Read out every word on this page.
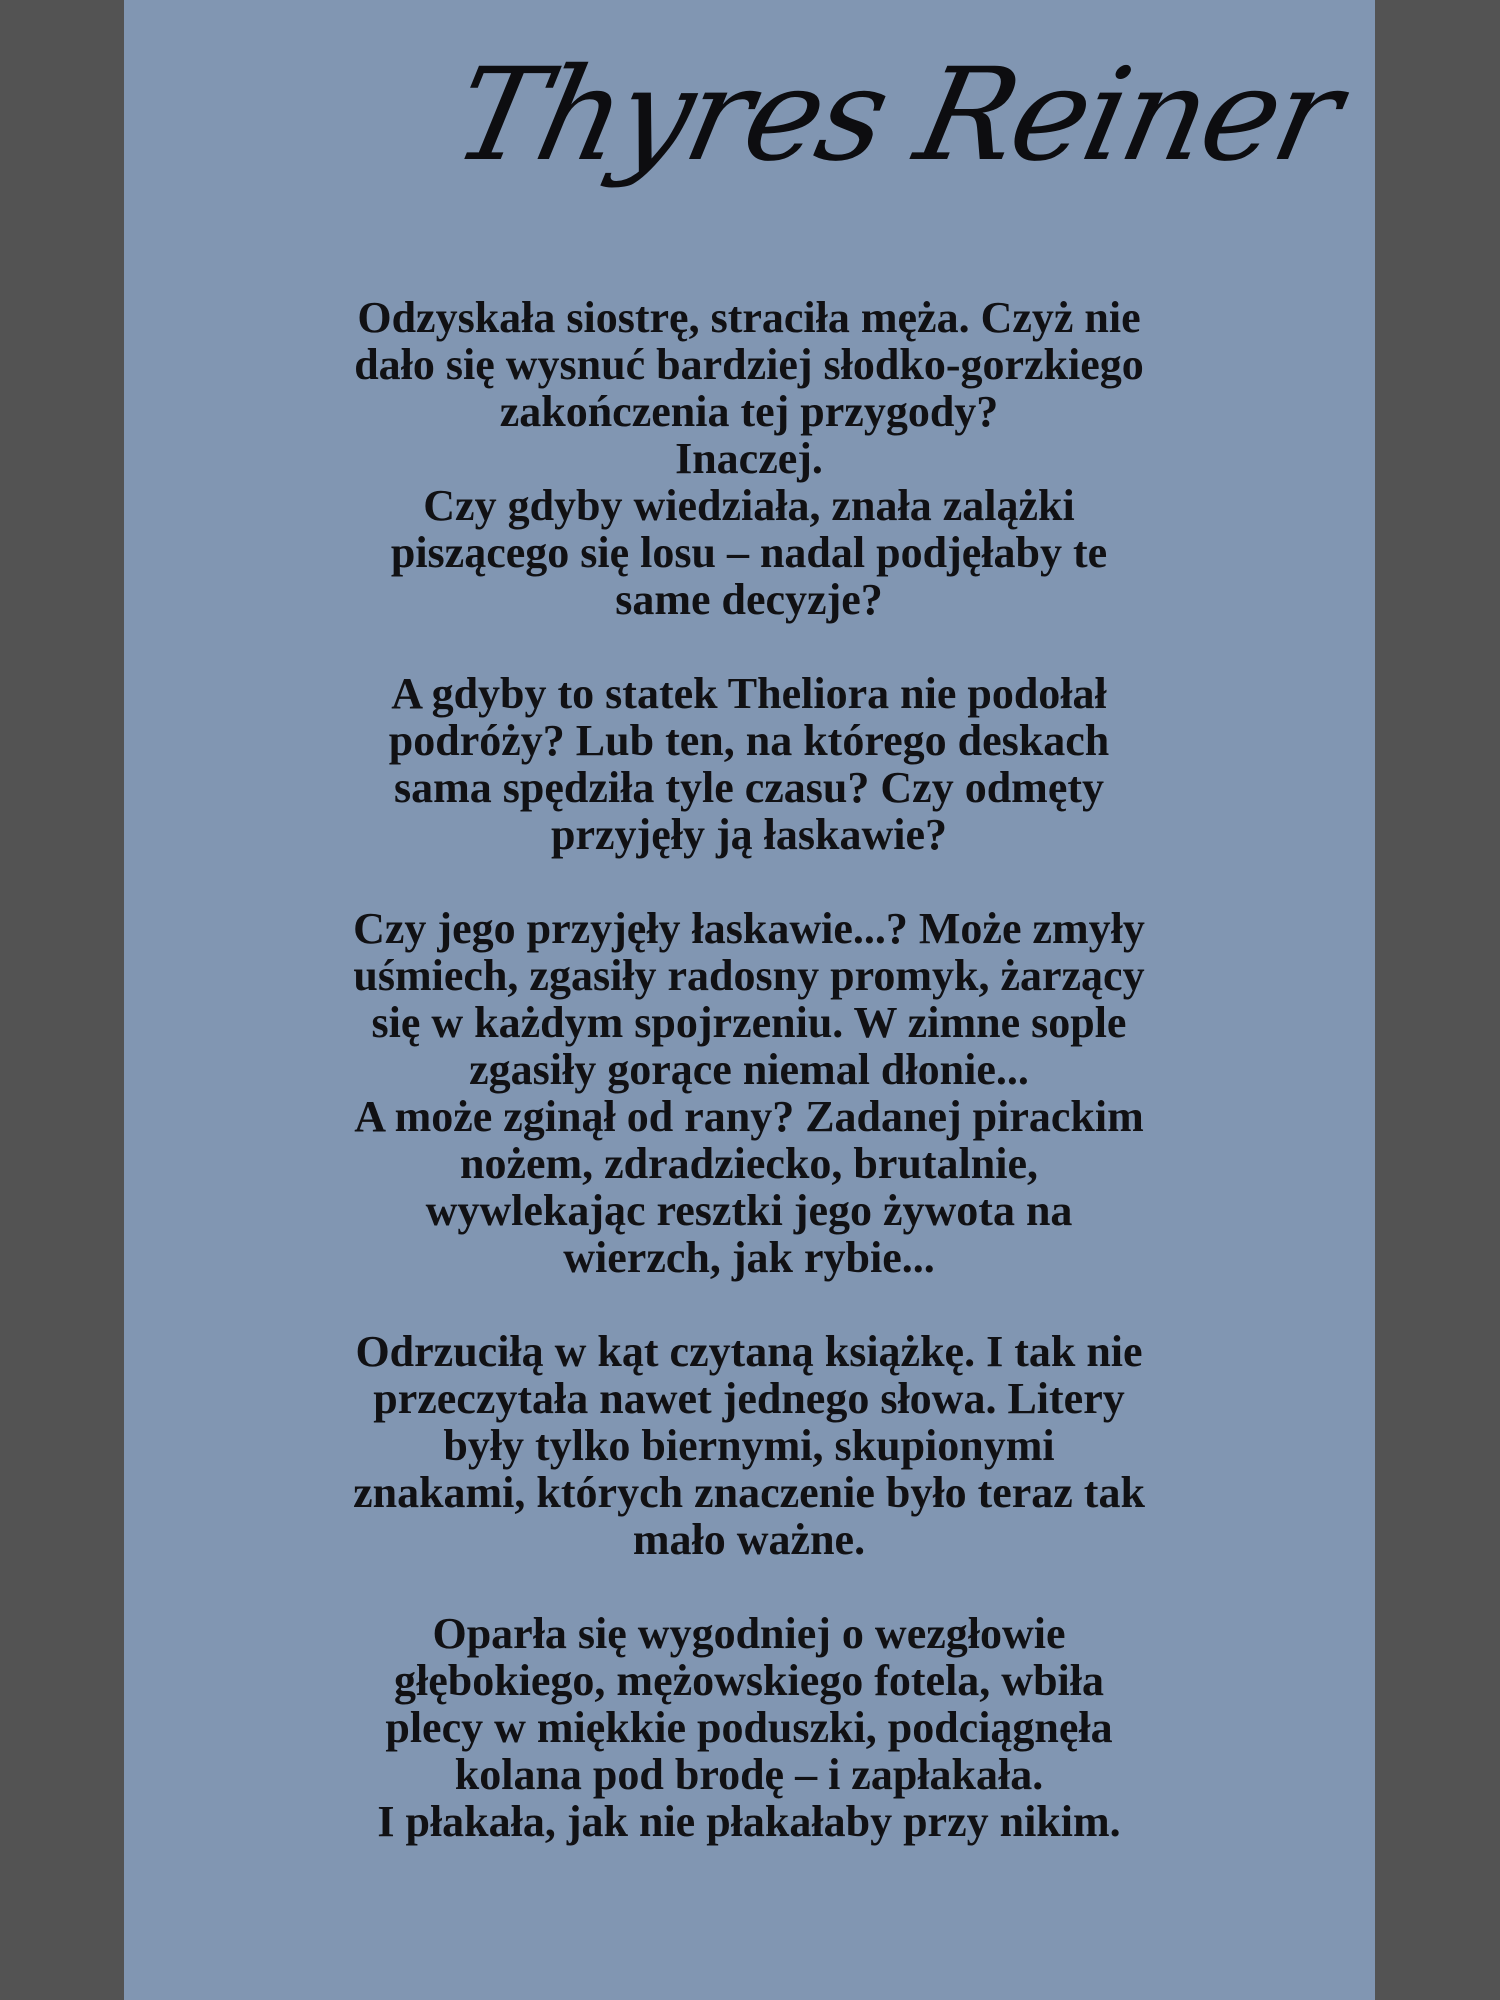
Thyres Reiner
Odzyskała siostrę, straciła męża. Czyż nie
dało się wysnuć bardziej słodko-gorzkiego
zakończenia tej przygody?
Inaczej.
Czy gdyby wiedziała, znała zalążki
piszącego się losu – nadal podjęłaby te
same decyzje?
A gdyby to statek Theliora nie podołał
podróży? Lub ten, na którego deskach
sama spędziła tyle czasu? Czy odmęty
przyjęły ją łaskawie?
Czy jego przyjęły łaskawie...? Może zmyły
uśmiech, zgasiły radosny promyk, żarzący
się w każdym spojrzeniu. W zimne sople
zgasiły gorące niemal dłonie...
A może zginął od rany? Zadanej pirackim
nożem, zdradziecko, brutalnie,
wywlekając resztki jego żywota na
wierzch, jak rybie...
Odrzuciłą w kąt czytaną książkę. I tak nie
przeczytała nawet jednego słowa. Litery
były tylko biernymi, skupionymi
znakami, których znaczenie było teraz tak
mało ważne.
Oparła się wygodniej o wezgłowie
głębokiego, mężowskiego fotela, wbiła
plecy w miękkie poduszki, podciągnęła
kolana pod brodę – i zapłakała.
I płakała, jak nie płakałaby przy nikim.
